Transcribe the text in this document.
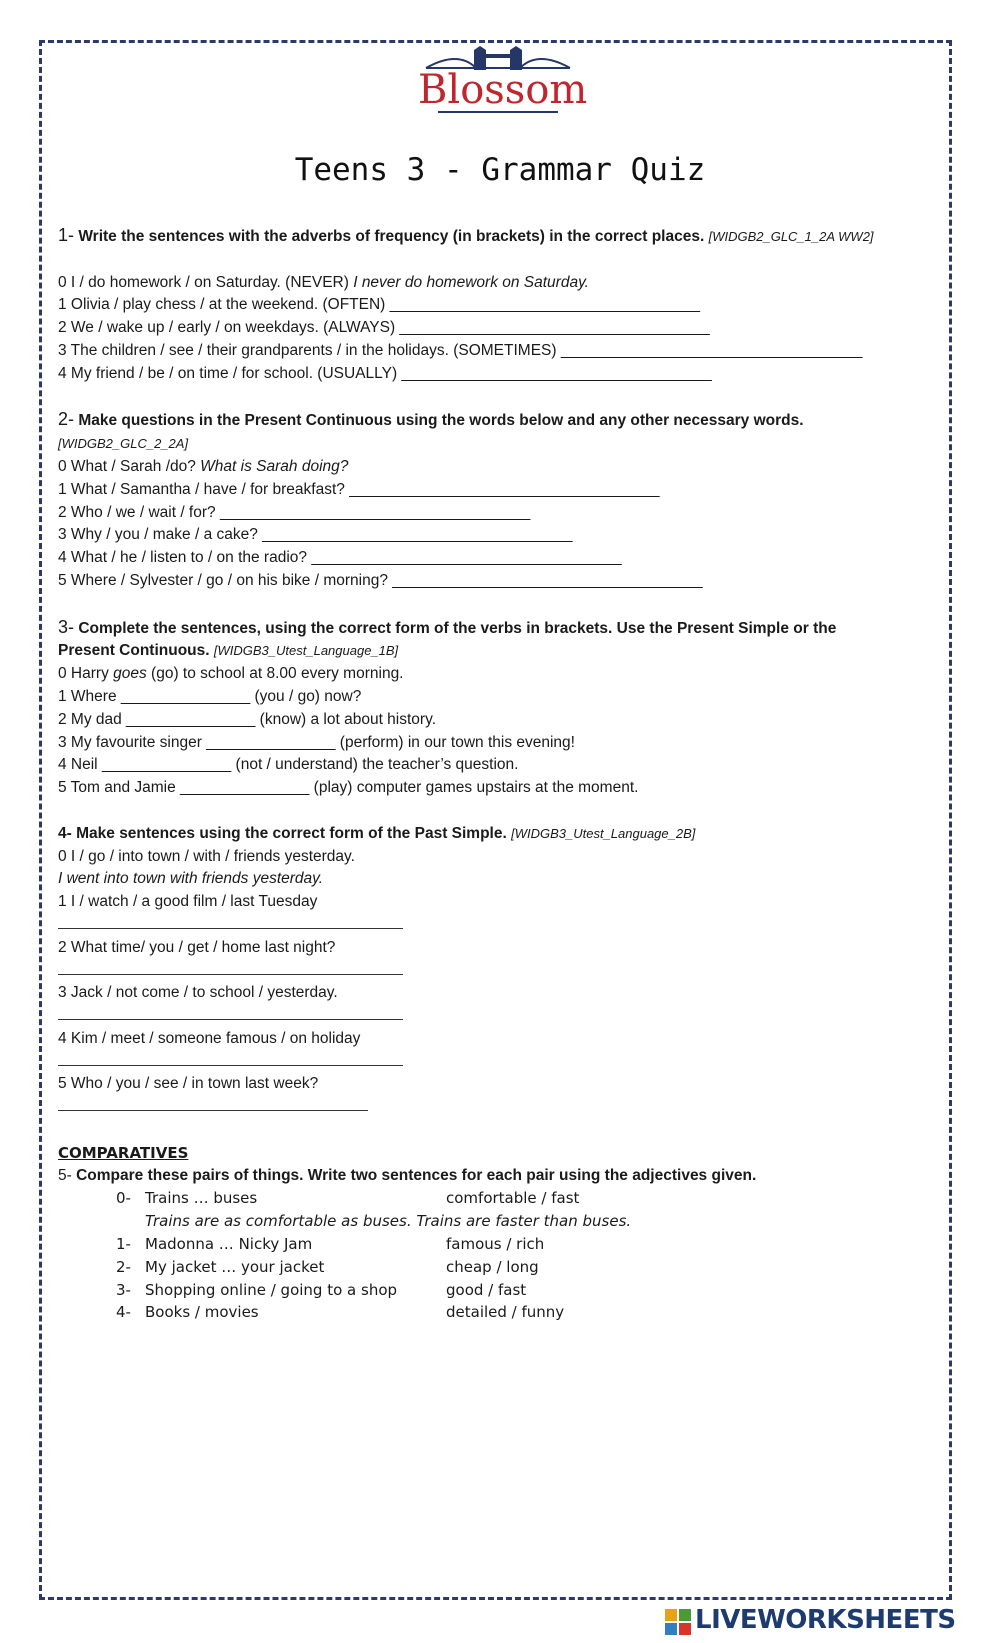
Blossom
Teens 3 - Grammar Quiz
1- Write the sentences with the adverbs of frequency (in brackets) in the correct places. [WIDGB2_GLC_1_2A WW2]
0 I / do homework / on Saturday. (NEVER) I never do homework on Saturday.
1 Olivia / play chess / at the weekend. (OFTEN) ____________________________________
2 We / wake up / early / on weekdays. (ALWAYS) ____________________________________
3 The children / see / their grandparents / in the holidays. (SOMETIMES) ___________________________________
4 My friend / be / on time / for school. (USUALLY) ____________________________________
2- Make questions in the Present Continuous using the words below and any other necessary words.
[WIDGB2_GLC_2_2A]
0 What / Sarah /do? What is Sarah doing?
1 What / Samantha / have / for breakfast? ____________________________________
2 Who / we / wait / for? ____________________________________
3 Why / you / make / a cake? ____________________________________
4 What / he / listen to / on the radio? ____________________________________
5 Where / Sylvester / go / on his bike / morning? ____________________________________
3- Complete the sentences, using the correct form of the verbs in brackets. Use the Present Simple or the
Present Continuous. [WIDGB3_Utest_Language_1B]
0 Harry goes (go) to school at 8.00 every morning.
1 Where _______________ (you / go) now?
2 My dad _______________ (know) a lot about history.
3 My favourite singer _______________ (perform) in our town this evening!
4 Neil _______________ (not / understand) the teacher’s question.
5 Tom and Jamie _______________ (play) computer games upstairs at the moment.
4- Make sentences using the correct form of the Past Simple. [WIDGB3_Utest_Language_2B]
0 I / go / into town / with / friends yesterday.
I went into town with friends yesterday.
1 I / watch / a good film / last Tuesday
2 What time/ you / get / home last night?
3 Jack / not come / to school / yesterday.
4 Kim / meet / someone famous / on holiday
5 Who / you / see / in town last week?
COMPARATIVES
5- Compare these pairs of things. Write two sentences for each pair using the adjectives given.
0- Trains … buses	comfortable / fast
Trains are as comfortable as buses. Trains are faster than buses.
1- Madonna … Nicky Jam	famous / rich
2- My jacket … your jacket	cheap / long
3- Shopping online / going to a shop	good / fast
4- Books / movies	detailed / funny
LIVEWORKSHEETS
